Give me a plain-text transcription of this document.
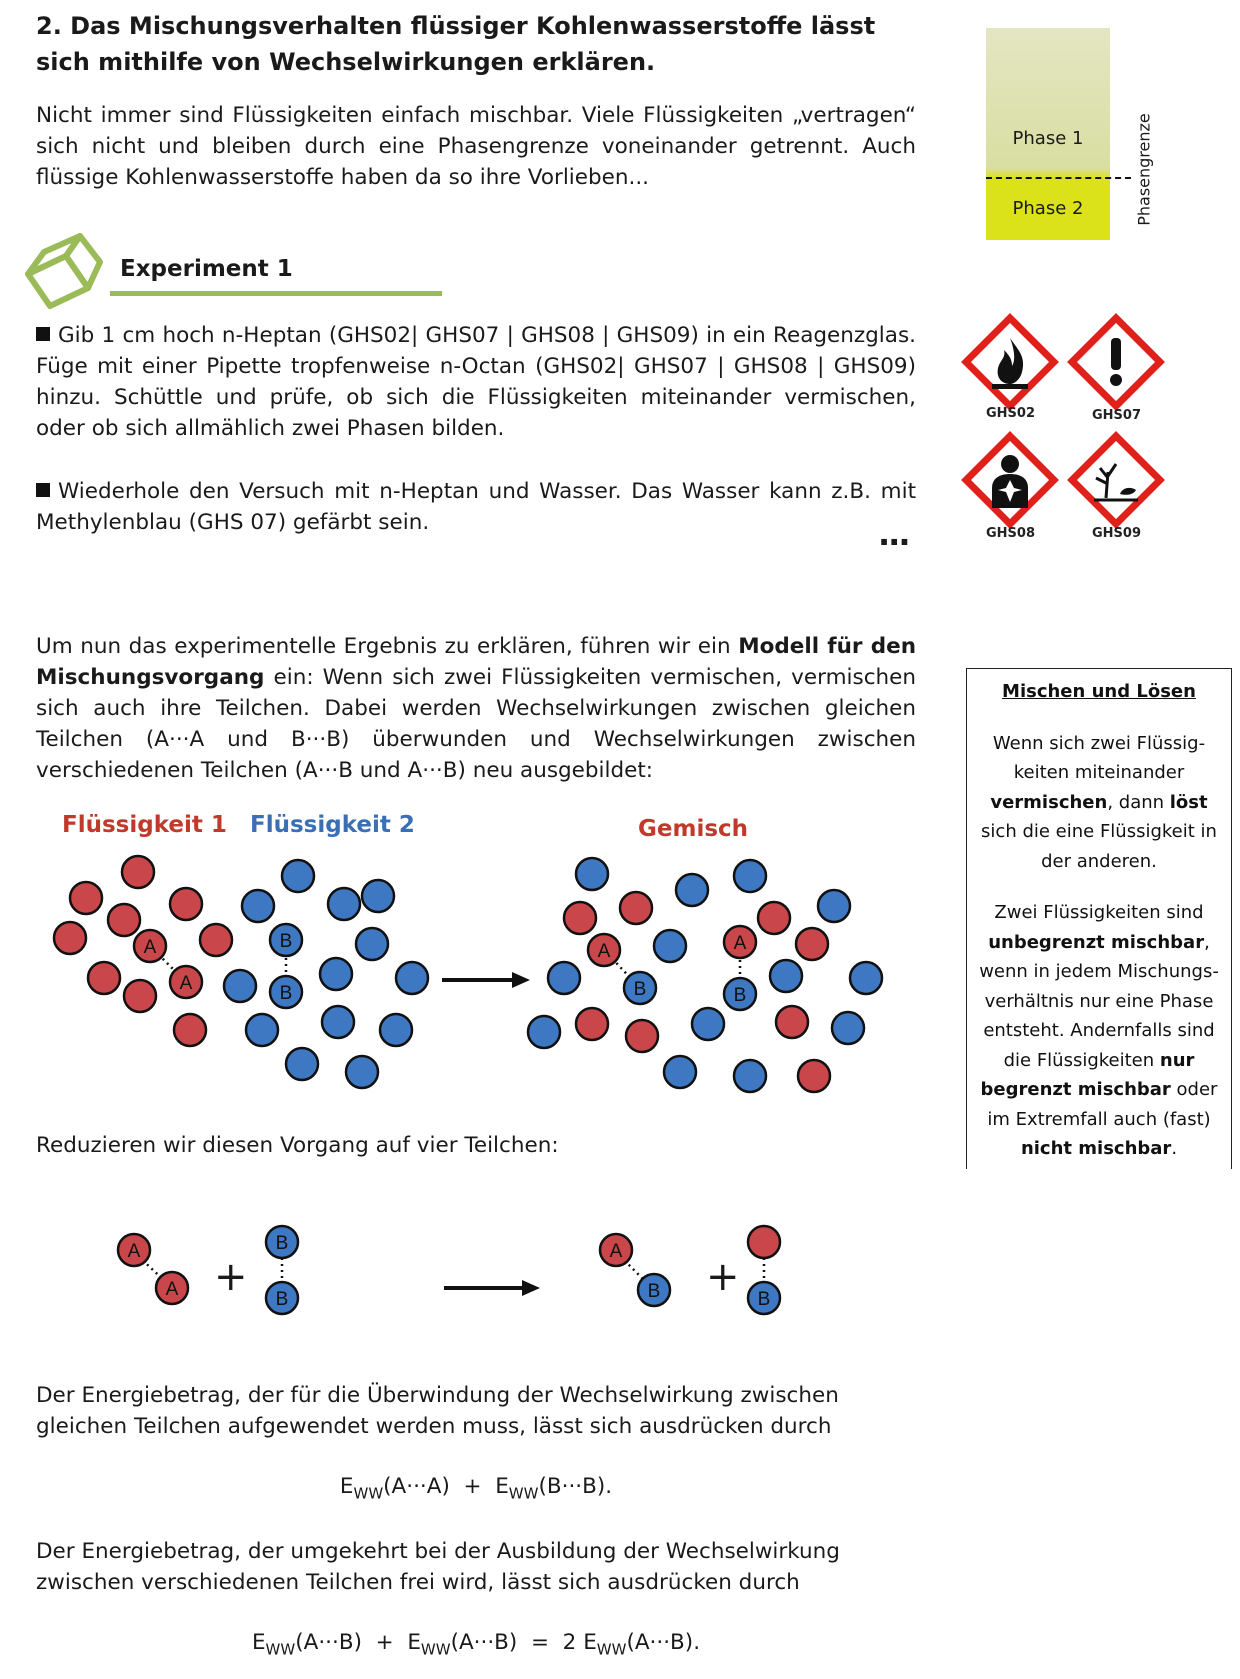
2. Das Mischungsverhalten flüssiger Kohlenwasserstoffe lässt sich mithilfe von Wechselwirkungen erklären.
Nicht immer sind Flüssigkeiten einfach mischbar. Viele Flüssigkeiten „vertragen“ sich nicht und bleiben durch eine Phasengrenze voneinander getrennt. Auch flüssige Kohlenwasserstoffe haben da so ihre Vorlieben...
Phase 1
Phase 2	Phasengrenze
Experiment 1
Gib 1 cm hoch n-Heptan (GHS02| GHS07 | GHS08 | GHS09) in ein Reagenzglas. Füge mit einer Pipette tropfenweise n-Octan (GHS02| GHS07 | GHS08 | GHS09) hinzu. Schüttle und prüfe, ob sich die Flüssigkeiten miteinander vermischen, oder ob sich allmählich zwei Phasen bilden.
Wiederhole den Versuch mit n-Heptan und Wasser. Das Wasser kann z.B. mit Methylenblau (GHS 07) gefärbt sein.	...
GHS02	GHS07
GHS08	GHS09
Um nun das experimentelle Ergebnis zu erklären, führen wir ein Modell für den Mischungsvorgang ein: Wenn sich zwei Flüssigkeiten vermischen, vermischen sich auch ihre Teilchen. Dabei werden Wechselwirkungen zwischen gleichen Teilchen (A···A und B···B) überwunden und Wechselwirkungen zwischen verschiedenen Teilchen (A···B und A···B) neu ausgebildet:
Mischen und Lösen

Wenn sich zwei Flüssig-keiten miteinander vermischen, dann löst sich die eine Flüssigkeit in der anderen.

Zwei Flüssigkeiten sind unbegrenzt mischbar, wenn in jedem Mischungs-verhältnis nur eine Phase entsteht. Andernfalls sind die Flüssigkeiten nur begrenzt mischbar oder im Extremfall auch (fast) nicht mischbar.

Flüssigkeit 1 Flüssigkeit 2	Gemisch
A
A
B
B
A
B
A
B
Reduzieren wir diesen Vorgang auf vier Teilchen:
A
A
B
B
A
B	B
+	+
Der Energiebetrag, der für die Überwindung der Wechselwirkung zwischen gleichen Teilchen aufgewendet werden muss, lässt sich ausdrücken durch
$E_{WW}(A\cdot\cdot\cdot A) + E_{WW}(B\cdot\cdot\cdot B)$.
Der Energiebetrag, der umgekehrt bei der Ausbildung der Wechselwirkung zwischen verschiedenen Teilchen frei wird, lässt sich ausdrücken durch
$E_{WW}(A\cdot\cdot\cdot B) + E_{WW}(A\cdot\cdot\cdot B) = 2$ $E_{WW}(A\cdot\cdot\cdot B)$.
